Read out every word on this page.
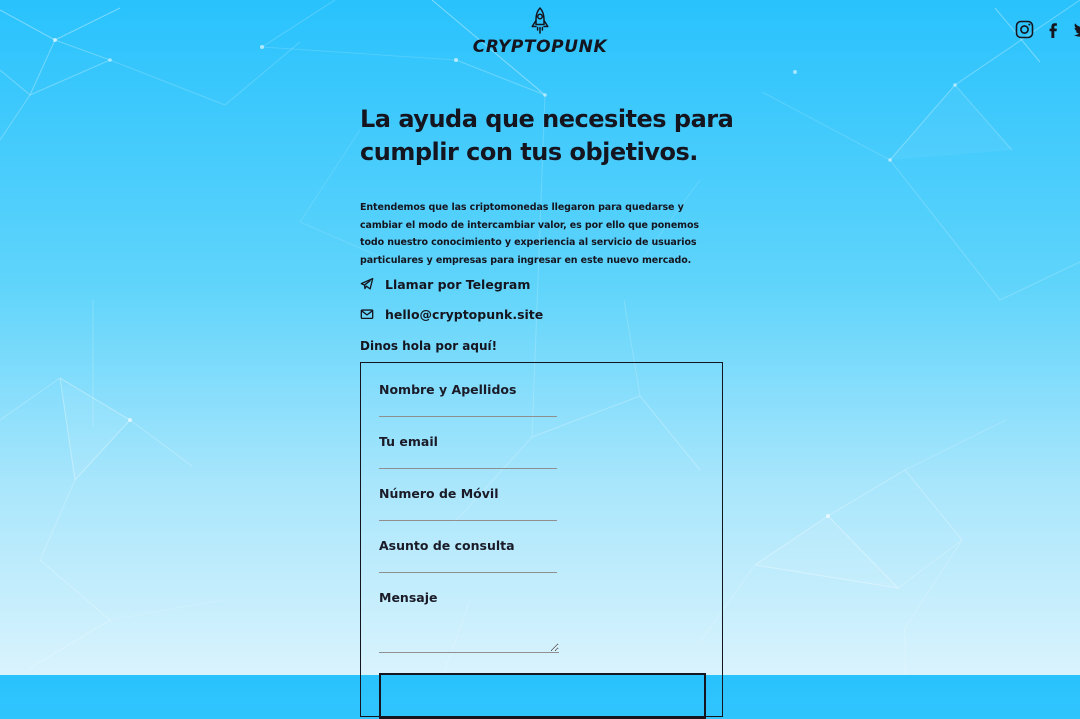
CRYPTOPUNK
La ayuda que necesites para
cumplir con tus objetivos.

Entendemos que las criptomonedas llegaron para quedarse y cambiar el modo de intercambiar valor, es por ello que ponemos todo nuestro conocimiento y experiencia al servicio de usuarios particulares y empresas para ingresar en este nuevo mercado.

Llamar por Telegram
hello@cryptopunk.site

Dinos hola por aquí!

Nombre y Apellidos
Tu email
Número de Móvil
Asunto de consulta
Mensaje
